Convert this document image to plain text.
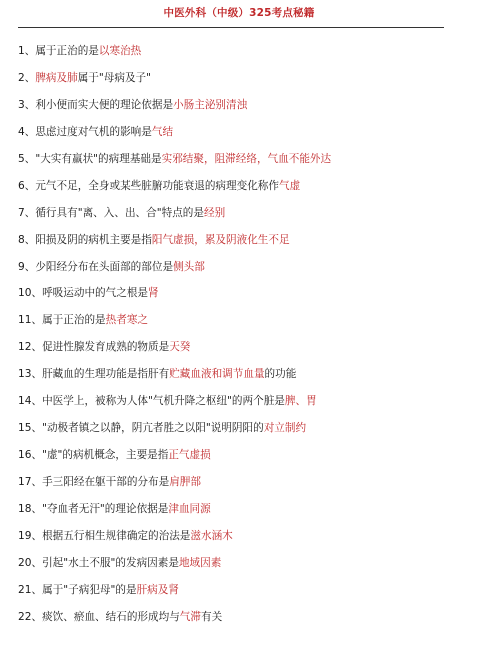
中医外科（中级）325考点秘籍
1、属于正治的是以寒治热
2、脾病及肺属于"母病及子"
3、利小便而实大便的理论依据是小肠主泌别清浊
4、思虑过度对气机的影响是气结
5、"大实有羸状"的病理基础是实邪结聚，阻滞经络，气血不能外达
6、元气不足，全身或某些脏腑功能衰退的病理变化称作气虚
7、循行具有"离、入、出、合"特点的是经别
8、阳损及阴的病机主要是指阳气虚损，累及阴液化生不足
9、少阳经分布在头面部的部位是侧头部
10、呼吸运动中的气之根是肾
11、属于正治的是热者寒之
12、促进性腺发育成熟的物质是天癸
13、肝藏血的生理功能是指肝有贮藏血液和调节血量的功能
14、中医学上，被称为人体"气机升降之枢纽"的两个脏是脾、胃
15、"动极者镇之以静，阴亢者胜之以阳"说明阴阳的对立制约
16、"虚"的病机概念，主要是指正气虚损
17、手三阳经在躯干部的分布是肩胛部
18、"夺血者无汗"的理论依据是津血同源
19、根据五行相生规律确定的治法是滋水涵木
20、引起"水土不服"的发病因素是地域因素
21、属于"子病犯母"的是肝病及肾
22、痰饮、瘀血、结石的形成均与气滞有关
